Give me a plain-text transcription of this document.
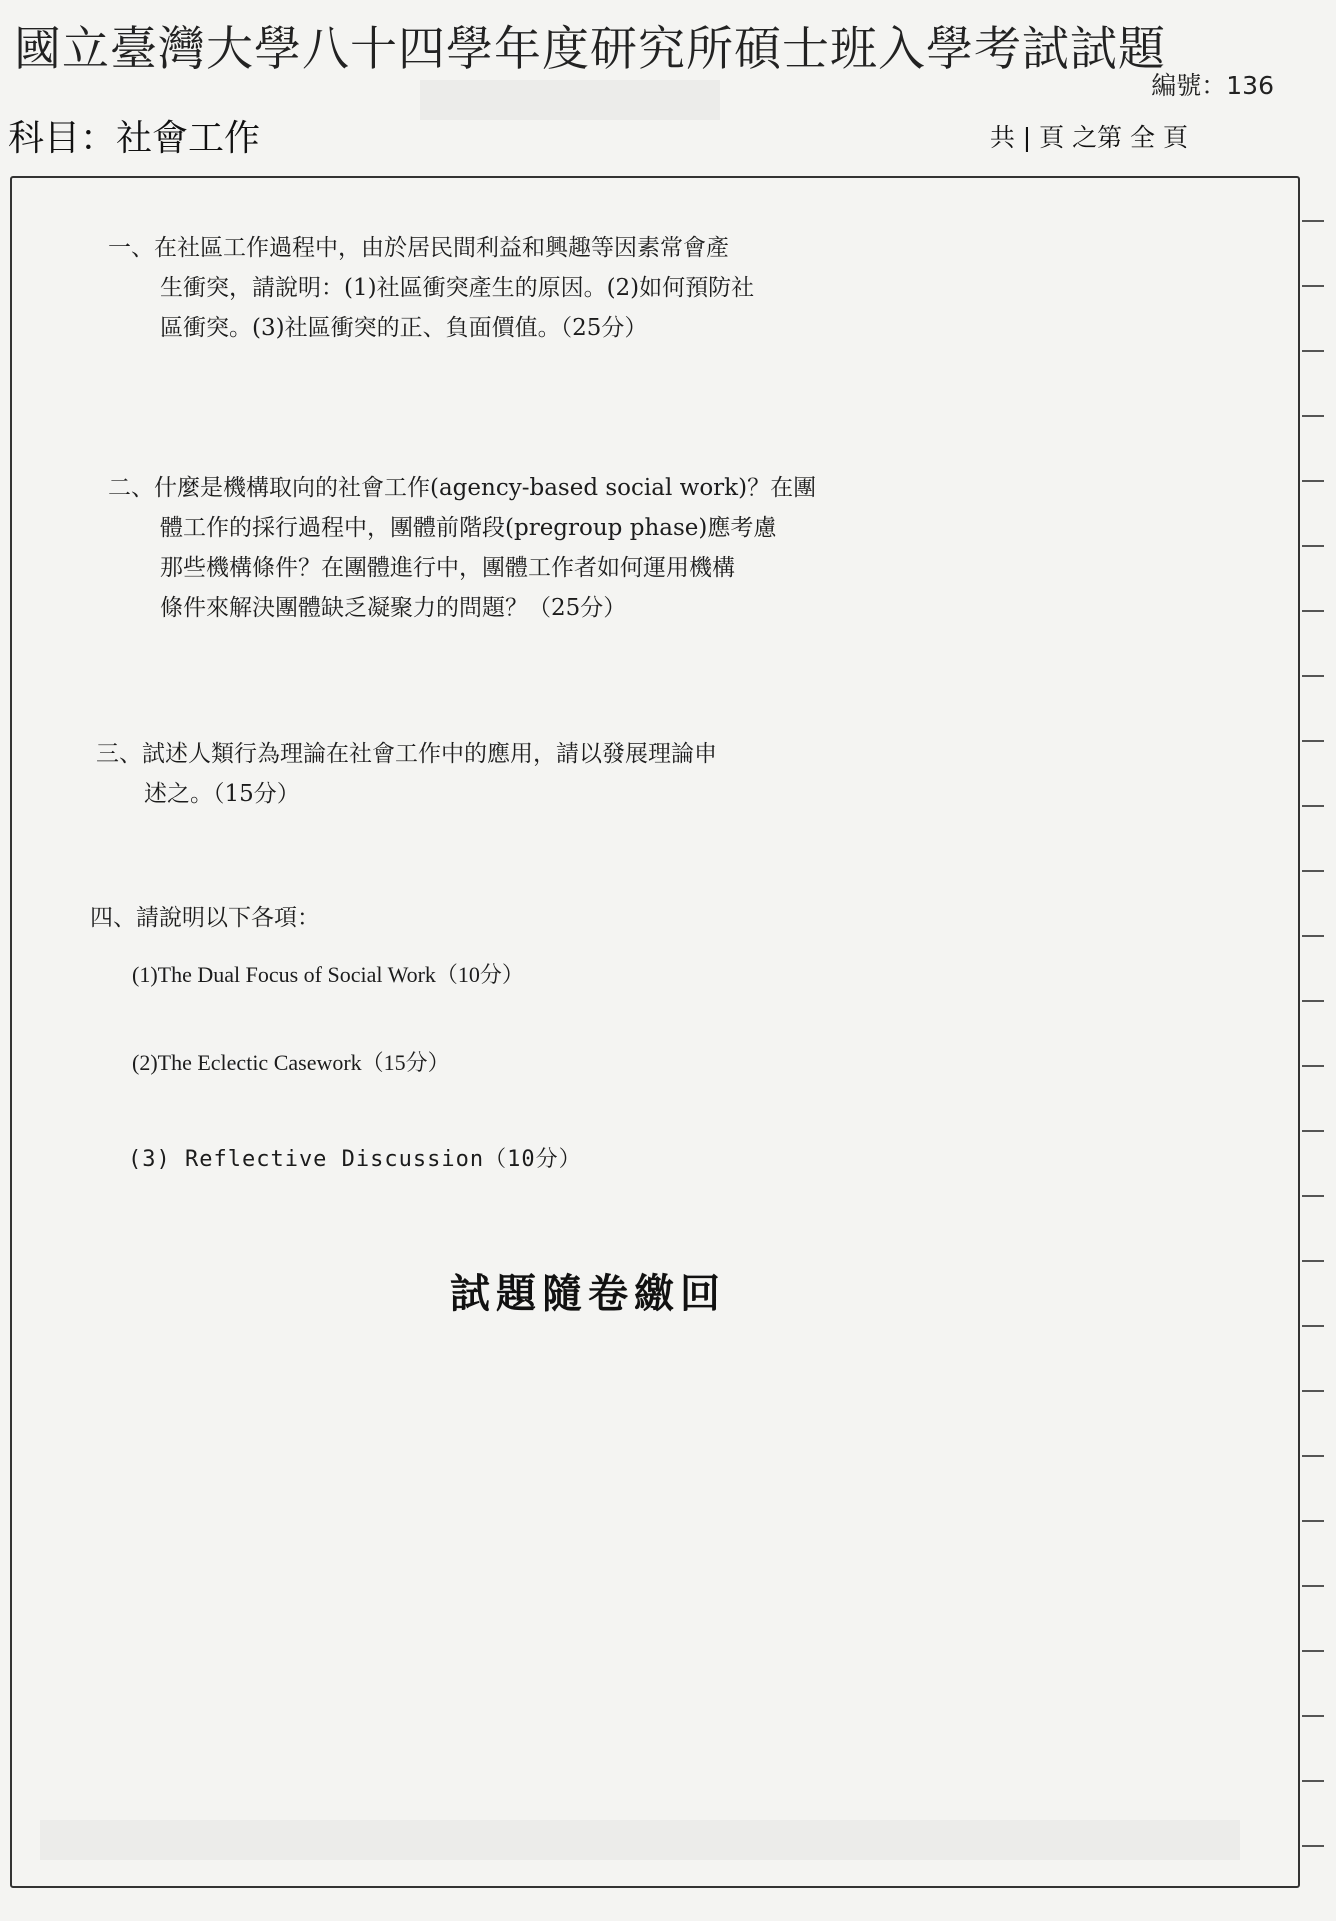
國立臺灣大學八十四學年度研究所碩士班入學考試試題
編號：136
科目：社會工作	共 | 頁 之第 全 頁
一、在社區工作過程中，由於居民間利益和興趣等因素常會產
生衝突，請說明：(1)社區衝突產生的原因。(2)如何預防社
區衝突。(3)社區衝突的正、負面價值。（25分）
二、什麼是機構取向的社會工作(agency-based social work)？在團
體工作的採行過程中，團體前階段(pregroup phase)應考慮
那些機構條件？在團體進行中，團體工作者如何運用機構
條件來解決團體缺乏凝聚力的問題？（25分）
三、試述人類行為理論在社會工作中的應用，請以發展理論申
述之。（15分）
四、請說明以下各項：
(1)The Dual Focus of Social Work（10分）
(2)The Eclectic Casework（15分）
(3) Reflective Discussion（10分）
試題隨卷繳回
